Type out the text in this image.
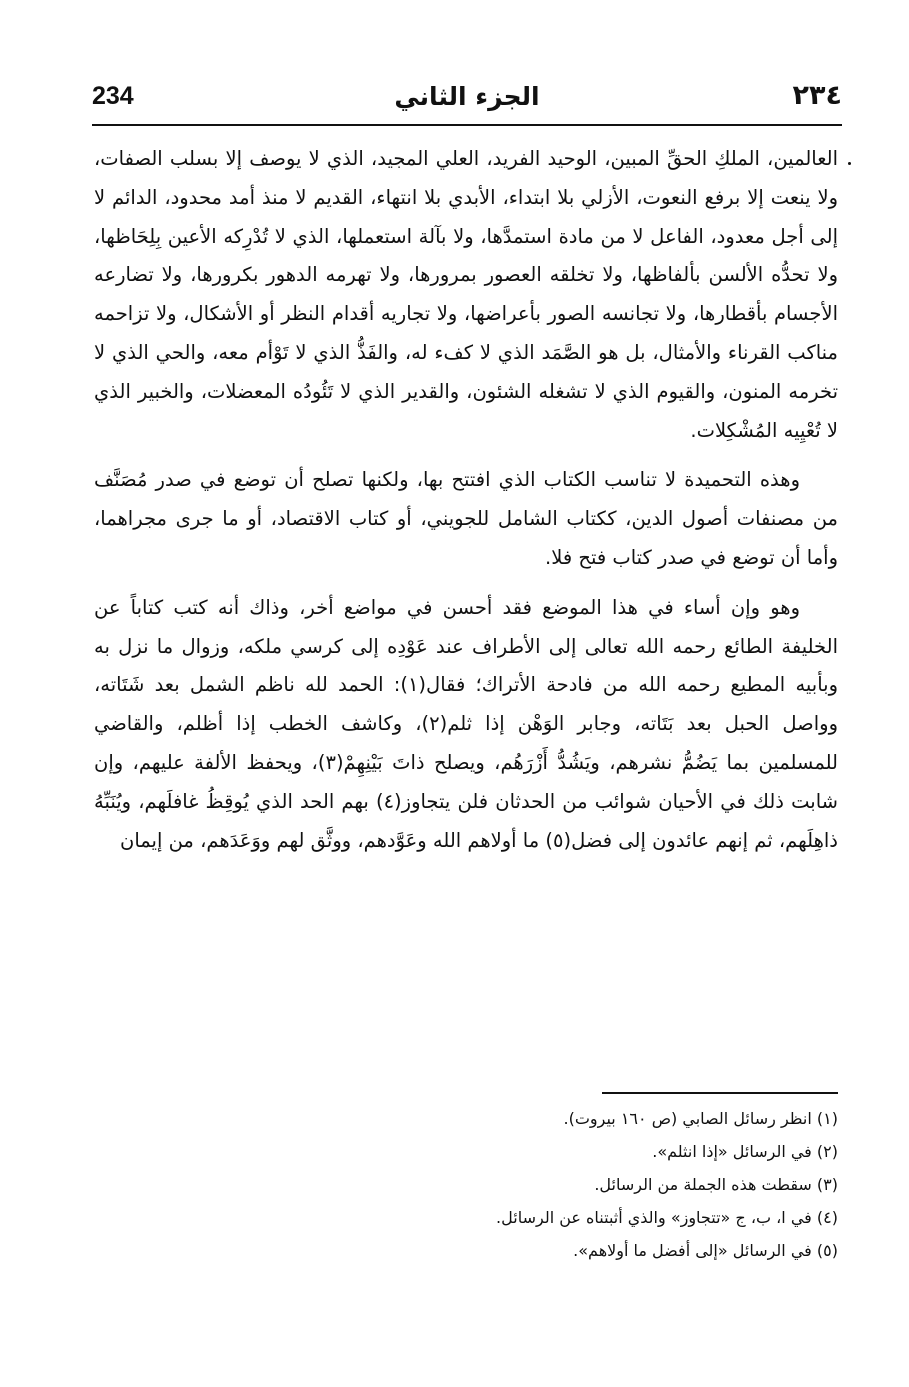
234	الجزء الثاني	٢٣٤

العالمين، الملكِ الحقِّ المبين، الوحيد الفريد، العلي المجيد، الذي لا يوصف إلا بسلب الصفات، ولا ينعت إلا برفع النعوت، الأزلي بلا ابتداء، الأبدي بلا انتهاء، القديم لا منذ أمد محدود، الدائم لا إلى أجل معدود، الفاعل لا من مادة استمدَّها، ولا بآلة استعملها، الذي لا تُدْرِكه الأعين بِلِحَاظها، ولا تحدُّه الألسن بألفاظها، ولا تخلقه العصور بمرورها، ولا تهرمه الدهور بكرورها، ولا تضارعه الأجسام بأقطارها، ولا تجانسه الصور بأعراضها، ولا تجاريه أقدام النظر أو الأشكال، ولا تزاحمه مناكب القرناء والأمثال، بل هو الصَّمَد الذي لا كفء له، والفَذُّ الذي لا تَوْأم معه، والحي الذي لا تخرمه المنون، والقيوم الذي لا تشغله الشئون، والقدير الذي لا تَئُودُه المعضلات، والخبير الذي لا تُعْيِيه المُشْكِلات.

وهذه التحميدة لا تناسب الكتاب الذي افتتح بها، ولكنها تصلح أن توضع في صدر مُصَنَّف من مصنفات أصول الدين، ككتاب الشامل للجويني، أو كتاب الاقتصاد، أو ما جرى مجراهما، وأما أن توضع في صدر كتاب فتح فلا.

وهو وإن أساء في هذا الموضع فقد أحسن في مواضع أخر، وذاك أنه كتب كتاباً عن الخليفة الطائع رحمه الله تعالى إلى الأطراف عند عَوْدِه إلى كرسي ملكه، وزوال ما نزل به وبأبيه المطيع رحمه الله من فادحة الأتراك؛ فقال(١): الحمد لله ناظم الشمل بعد شَتَاته، وواصل الحبل بعد بَتَاته، وجابر الوَهْن إذا ثلم(٢)، وكاشف الخطب إذا أظلم، والقاضي للمسلمين بما يَضُمُّ نشرهم، ويَشُدُّ أَزْرَهُم، ويصلح ذاتَ بَيْنِهِمْ(٣)، ويحفظ الألفة عليهم، وإن شابت ذلك في الأحيان شوائب من الحدثان فلن يتجاوز(٤) بهم الحد الذي يُوقِظُ غافلَهم، ويُنَبِّهُ ذاهِلَهم، ثم إنهم عائدون إلى فضل(٥) ما أولاهم الله وعَوَّدهم، ووثَّق لهم ووَعَدَهم، من إيمان

(١) انظر رسائل الصابي (ص ١٦٠ بيروت).
(٢) في الرسائل «إذا انثلم».
(٣) سقطت هذه الجملة من الرسائل.
(٤) في ا، ب، ج «تتجاوز» والذي أثبتناه عن الرسائل.
(٥) في الرسائل «إلى أفضل ما أولاهم».
